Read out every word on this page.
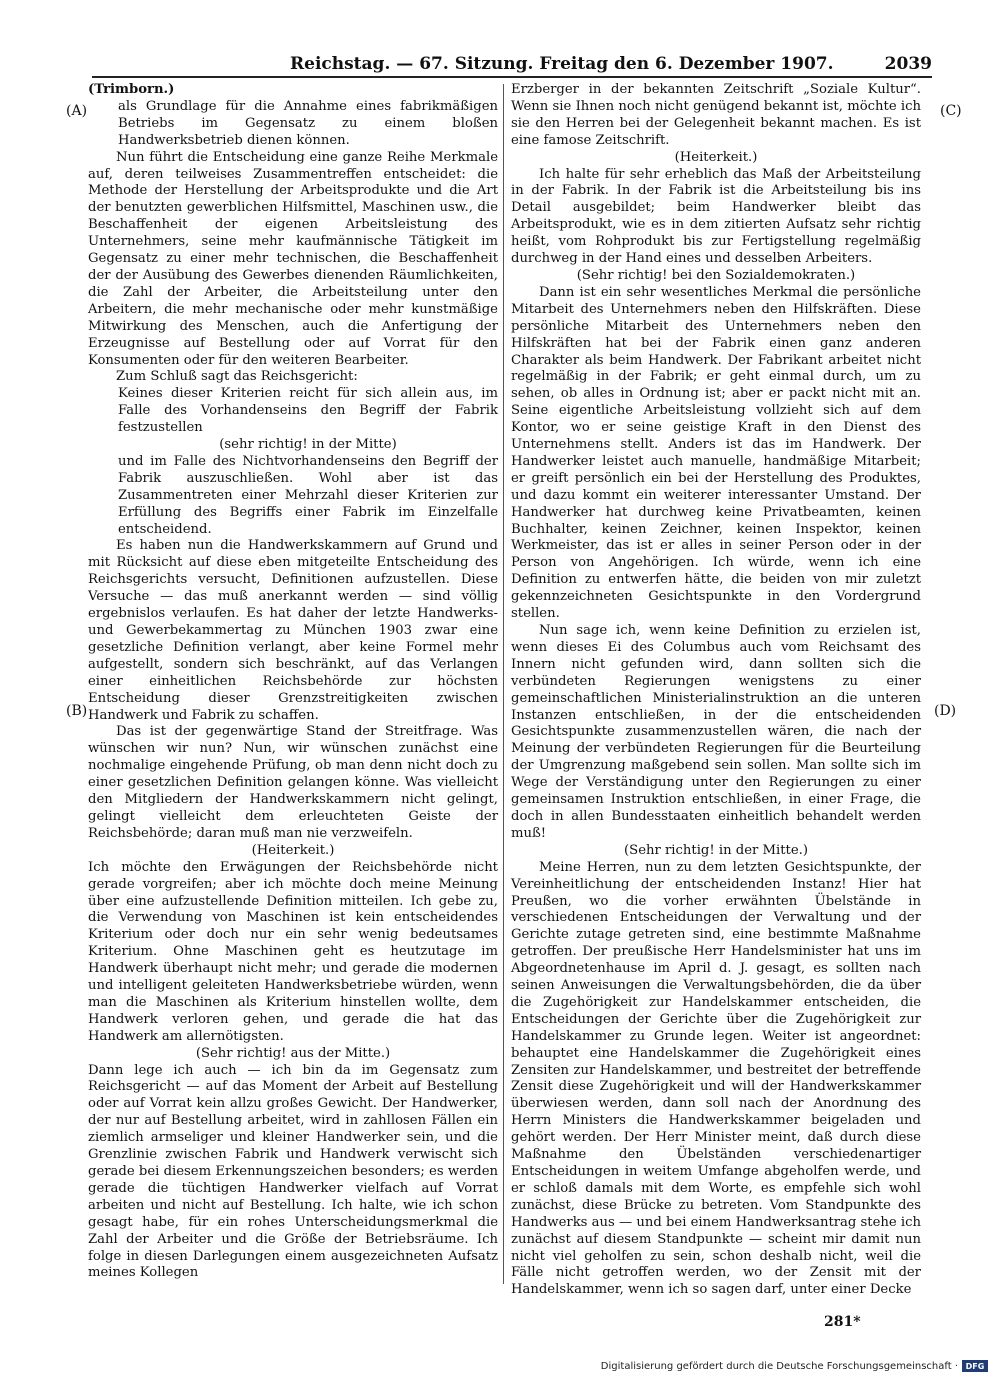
Reichstag. — 67. Sitzung. Freitag den 6. Dezember 1907.	2039
(A)
(B)
(C)
(D)

(Trimborn.)

als Grundlage für die Annahme eines fabrikmäßigen Betriebs im Gegensatz zu einem bloßen Handwerksbetrieb dienen können.

Nun führt die Entscheidung eine ganze Reihe Merkmale auf, deren teilweises Zusammentreffen entscheidet: die Methode der Herstellung der Arbeitsprodukte und die Art der benutzten gewerblichen Hilfsmittel, Maschinen usw., die Beschaffenheit der eigenen Arbeitsleistung des Unternehmers, seine mehr kaufmännische Tätigkeit im Gegensatz zu einer mehr technischen, die Beschaffenheit der der Ausübung des Gewerbes dienenden Räumlichkeiten, die Zahl der Arbeiter, die Arbeitsteilung unter den Arbeitern, die mehr mechanische oder mehr kunstmäßige Mitwirkung des Menschen, auch die Anfertigung der Erzeugnisse auf Bestellung oder auf Vorrat für den Konsumenten oder für den weiteren Bearbeiter.

Zum Schluß sagt das Reichsgericht:

Keines dieser Kriterien reicht für sich allein aus, im Falle des Vorhandenseins den Begriff der Fabrik festzustellen

(sehr richtig! in der Mitte)

und im Falle des Nichtvorhandenseins den Begriff der Fabrik auszuschließen. Wohl aber ist das Zusammentreten einer Mehrzahl dieser Kriterien zur Erfüllung des Begriffs einer Fabrik im Einzelfalle entscheidend.

Es haben nun die Handwerkskammern auf Grund und mit Rücksicht auf diese eben mitgeteilte Entscheidung des Reichsgerichts versucht, Definitionen aufzustellen. Diese Versuche — das muß anerkannt werden — sind völlig ergebnislos verlaufen. Es hat daher der letzte Handwerks- und Gewerbekammertag zu München 1903 zwar eine gesetzliche Definition verlangt, aber keine Formel mehr aufgestellt, sondern sich beschränkt, auf das Verlangen einer einheitlichen Reichsbehörde zur höchsten Entscheidung dieser Grenzstreitigkeiten zwischen Handwerk und Fabrik zu schaffen.

Das ist der gegenwärtige Stand der Streitfrage. Was wünschen wir nun? Nun, wir wünschen zunächst eine nochmalige eingehende Prüfung, ob man denn nicht doch zu einer gesetzlichen Definition gelangen könne. Was vielleicht den Mitgliedern der Handwerkskammern nicht gelingt, gelingt vielleicht dem erleuchteten Geiste der Reichsbehörde; daran muß man nie verzweifeln.

(Heiterkeit.)

Ich möchte den Erwägungen der Reichsbehörde nicht gerade vorgreifen; aber ich möchte doch meine Meinung über eine aufzustellende Definition mitteilen. Ich gebe zu, die Verwendung von Maschinen ist kein entscheidendes Kriterium oder doch nur ein sehr wenig bedeutsames Kriterium. Ohne Maschinen geht es heutzutage im Handwerk überhaupt nicht mehr; und gerade die modernen und intelligent geleiteten Handwerksbetriebe würden, wenn man die Maschinen als Kriterium hinstellen wollte, dem Handwerk verloren gehen, und gerade die hat das Handwerk am allernötigsten.

(Sehr richtig! aus der Mitte.)

Dann lege ich auch — ich bin da im Gegensatz zum Reichsgericht — auf das Moment der Arbeit auf Bestellung oder auf Vorrat kein allzu großes Gewicht. Der Handwerker, der nur auf Bestellung arbeitet, wird in zahllosen Fällen ein ziemlich armseliger und kleiner Handwerker sein, und die Grenzlinie zwischen Fabrik und Handwerk verwischt sich gerade bei diesem Erkennungszeichen besonders; es werden gerade die tüchtigen Handwerker vielfach auf Vorrat arbeiten und nicht auf Bestellung. Ich halte, wie ich schon gesagt habe, für ein rohes Unterscheidungsmerkmal die Zahl der Arbeiter und die Größe der Betriebsräume. Ich folge in diesen Darlegungen einem ausgezeichneten Aufsatz meines Kollegen

Erzberger in der bekannten Zeitschrift „Soziale Kultur“. Wenn sie Ihnen noch nicht genügend bekannt ist, möchte ich sie den Herren bei der Gelegenheit bekannt machen. Es ist eine famose Zeitschrift.

(Heiterkeit.)

Ich halte für sehr erheblich das Maß der Arbeitsteilung in der Fabrik. In der Fabrik ist die Arbeitsteilung bis ins Detail ausgebildet; beim Handwerker bleibt das Arbeitsprodukt, wie es in dem zitierten Aufsatz sehr richtig heißt, vom Rohprodukt bis zur Fertigstellung regelmäßig durchweg in der Hand eines und desselben Arbeiters.

(Sehr richtig! bei den Sozialdemokraten.)

Dann ist ein sehr wesentliches Merkmal die persönliche Mitarbeit des Unternehmers neben den Hilfskräften. Diese persönliche Mitarbeit des Unternehmers neben den Hilfskräften hat bei der Fabrik einen ganz anderen Charakter als beim Handwerk. Der Fabrikant arbeitet nicht regelmäßig in der Fabrik; er geht einmal durch, um zu sehen, ob alles in Ordnung ist; aber er packt nicht mit an. Seine eigentliche Arbeitsleistung vollzieht sich auf dem Kontor, wo er seine geistige Kraft in den Dienst des Unternehmens stellt. Anders ist das im Handwerk. Der Handwerker leistet auch manuelle, handmäßige Mitarbeit; er greift persönlich ein bei der Herstellung des Produktes, und dazu kommt ein weiterer interessanter Umstand. Der Handwerker hat durchweg keine Privatbeamten, keinen Buchhalter, keinen Zeichner, keinen Inspektor, keinen Werkmeister, das ist er alles in seiner Person oder in der Person von Angehörigen. Ich würde, wenn ich eine Definition zu entwerfen hätte, die beiden von mir zuletzt gekennzeichneten Gesichtspunkte in den Vordergrund stellen.

Nun sage ich, wenn keine Definition zu erzielen ist, wenn dieses Ei des Columbus auch vom Reichsamt des Innern nicht gefunden wird, dann sollten sich die verbündeten Regierungen wenigstens zu einer gemeinschaftlichen Ministerialinstruktion an die unteren Instanzen entschließen, in der die entscheidenden Gesichtspunkte zusammenzustellen wären, die nach der Meinung der verbündeten Regierungen für die Beurteilung der Umgrenzung maßgebend sein sollen. Man sollte sich im Wege der Verständigung unter den Regierungen zu einer gemeinsamen Instruktion entschließen, in einer Frage, die doch in allen Bundesstaaten einheitlich behandelt werden muß!

(Sehr richtig! in der Mitte.)

Meine Herren, nun zu dem letzten Gesichtspunkte, der Vereinheitlichung der entscheidenden Instanz! Hier hat Preußen, wo die vorher erwähnten Übelstände in verschiedenen Entscheidungen der Verwaltung und der Gerichte zutage getreten sind, eine bestimmte Maßnahme getroffen. Der preußische Herr Handelsminister hat uns im Abgeordnetenhause im April d. J. gesagt, es sollten nach seinen Anweisungen die Verwaltungsbehörden, die da über die Zugehörigkeit zur Handelskammer entscheiden, die Entscheidungen der Gerichte über die Zugehörigkeit zur Handelskammer zu Grunde legen. Weiter ist angeordnet: behauptet eine Handelskammer die Zugehörigkeit eines Zensiten zur Handelskammer, und bestreitet der betreffende Zensit diese Zugehörigkeit und will der Handwerkskammer überwiesen werden, dann soll nach der Anordnung des Herrn Ministers die Handwerkskammer beigeladen und gehört werden. Der Herr Minister meint, daß durch diese Maßnahme den Übelständen verschiedenartiger Entscheidungen in weitem Umfange abgeholfen werde, und er schloß damals mit dem Worte, es empfehle sich wohl zunächst, diese Brücke zu betreten. Vom Standpunkte des Handwerks aus — und bei einem Handwerksantrag stehe ich zunächst auf diesem Standpunkte — scheint mir damit nun nicht viel geholfen zu sein, schon deshalb nicht, weil die Fälle nicht getroffen werden, wo der Zensit mit der Handelskammer, wenn ich so sagen darf, unter einer Decke

281*
Digitalisierung gefördert durch die Deutsche Forschungsgemeinschaft · DFG
